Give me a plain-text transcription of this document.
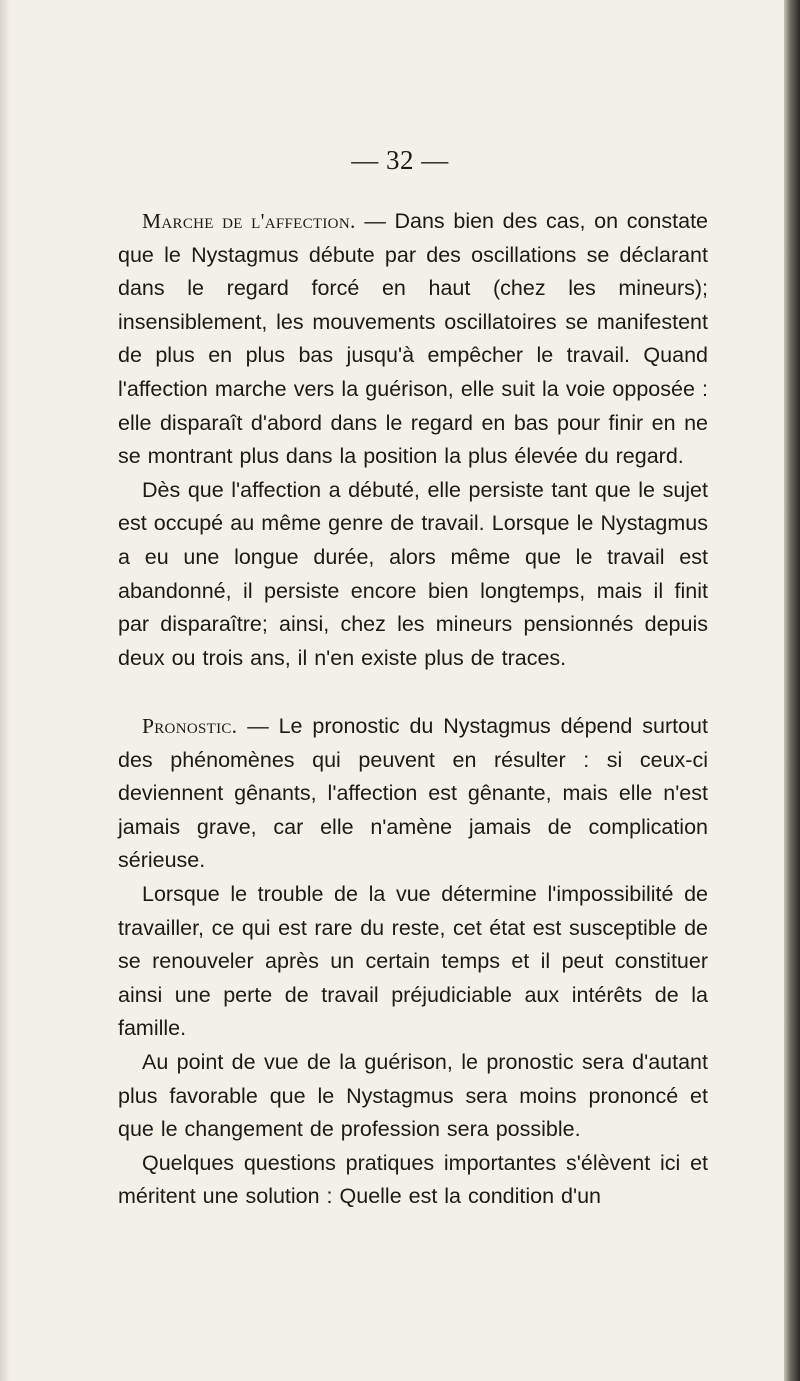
— 32 —

Marche de l'affection. — Dans bien des cas, on constate que le Nystagmus débute par des oscillations se déclarant dans le regard forcé en haut (chez les mineurs); insensiblement, les mouvements oscillatoires se manifestent de plus en plus bas jusqu'à empêcher le travail. Quand l'affection marche vers la guérison, elle suit la voie opposée : elle disparaît d'abord dans le regard en bas pour finir en ne se montrant plus dans la position la plus élevée du regard.

Dès que l'affection a débuté, elle persiste tant que le sujet est occupé au même genre de travail. Lorsque le Nystagmus a eu une longue durée, alors même que le travail est abandonné, il persiste encore bien longtemps, mais il finit par disparaître; ainsi, chez les mineurs pensionnés depuis deux ou trois ans, il n'en existe plus de traces.

Pronostic. — Le pronostic du Nystagmus dépend surtout des phénomènes qui peuvent en résulter : si ceux-ci deviennent gênants, l'affection est gênante, mais elle n'est jamais grave, car elle n'amène jamais de complication sérieuse.

Lorsque le trouble de la vue détermine l'impossibilité de travailler, ce qui est rare du reste, cet état est susceptible de se renouveler après un certain temps et il peut constituer ainsi une perte de travail préjudiciable aux intérêts de la famille.

Au point de vue de la guérison, le pronostic sera d'autant plus favorable que le Nystagmus sera moins prononcé et que le changement de profession sera possible.

Quelques questions pratiques importantes s'élèvent ici et méritent une solution : Quelle est la condition d'un
